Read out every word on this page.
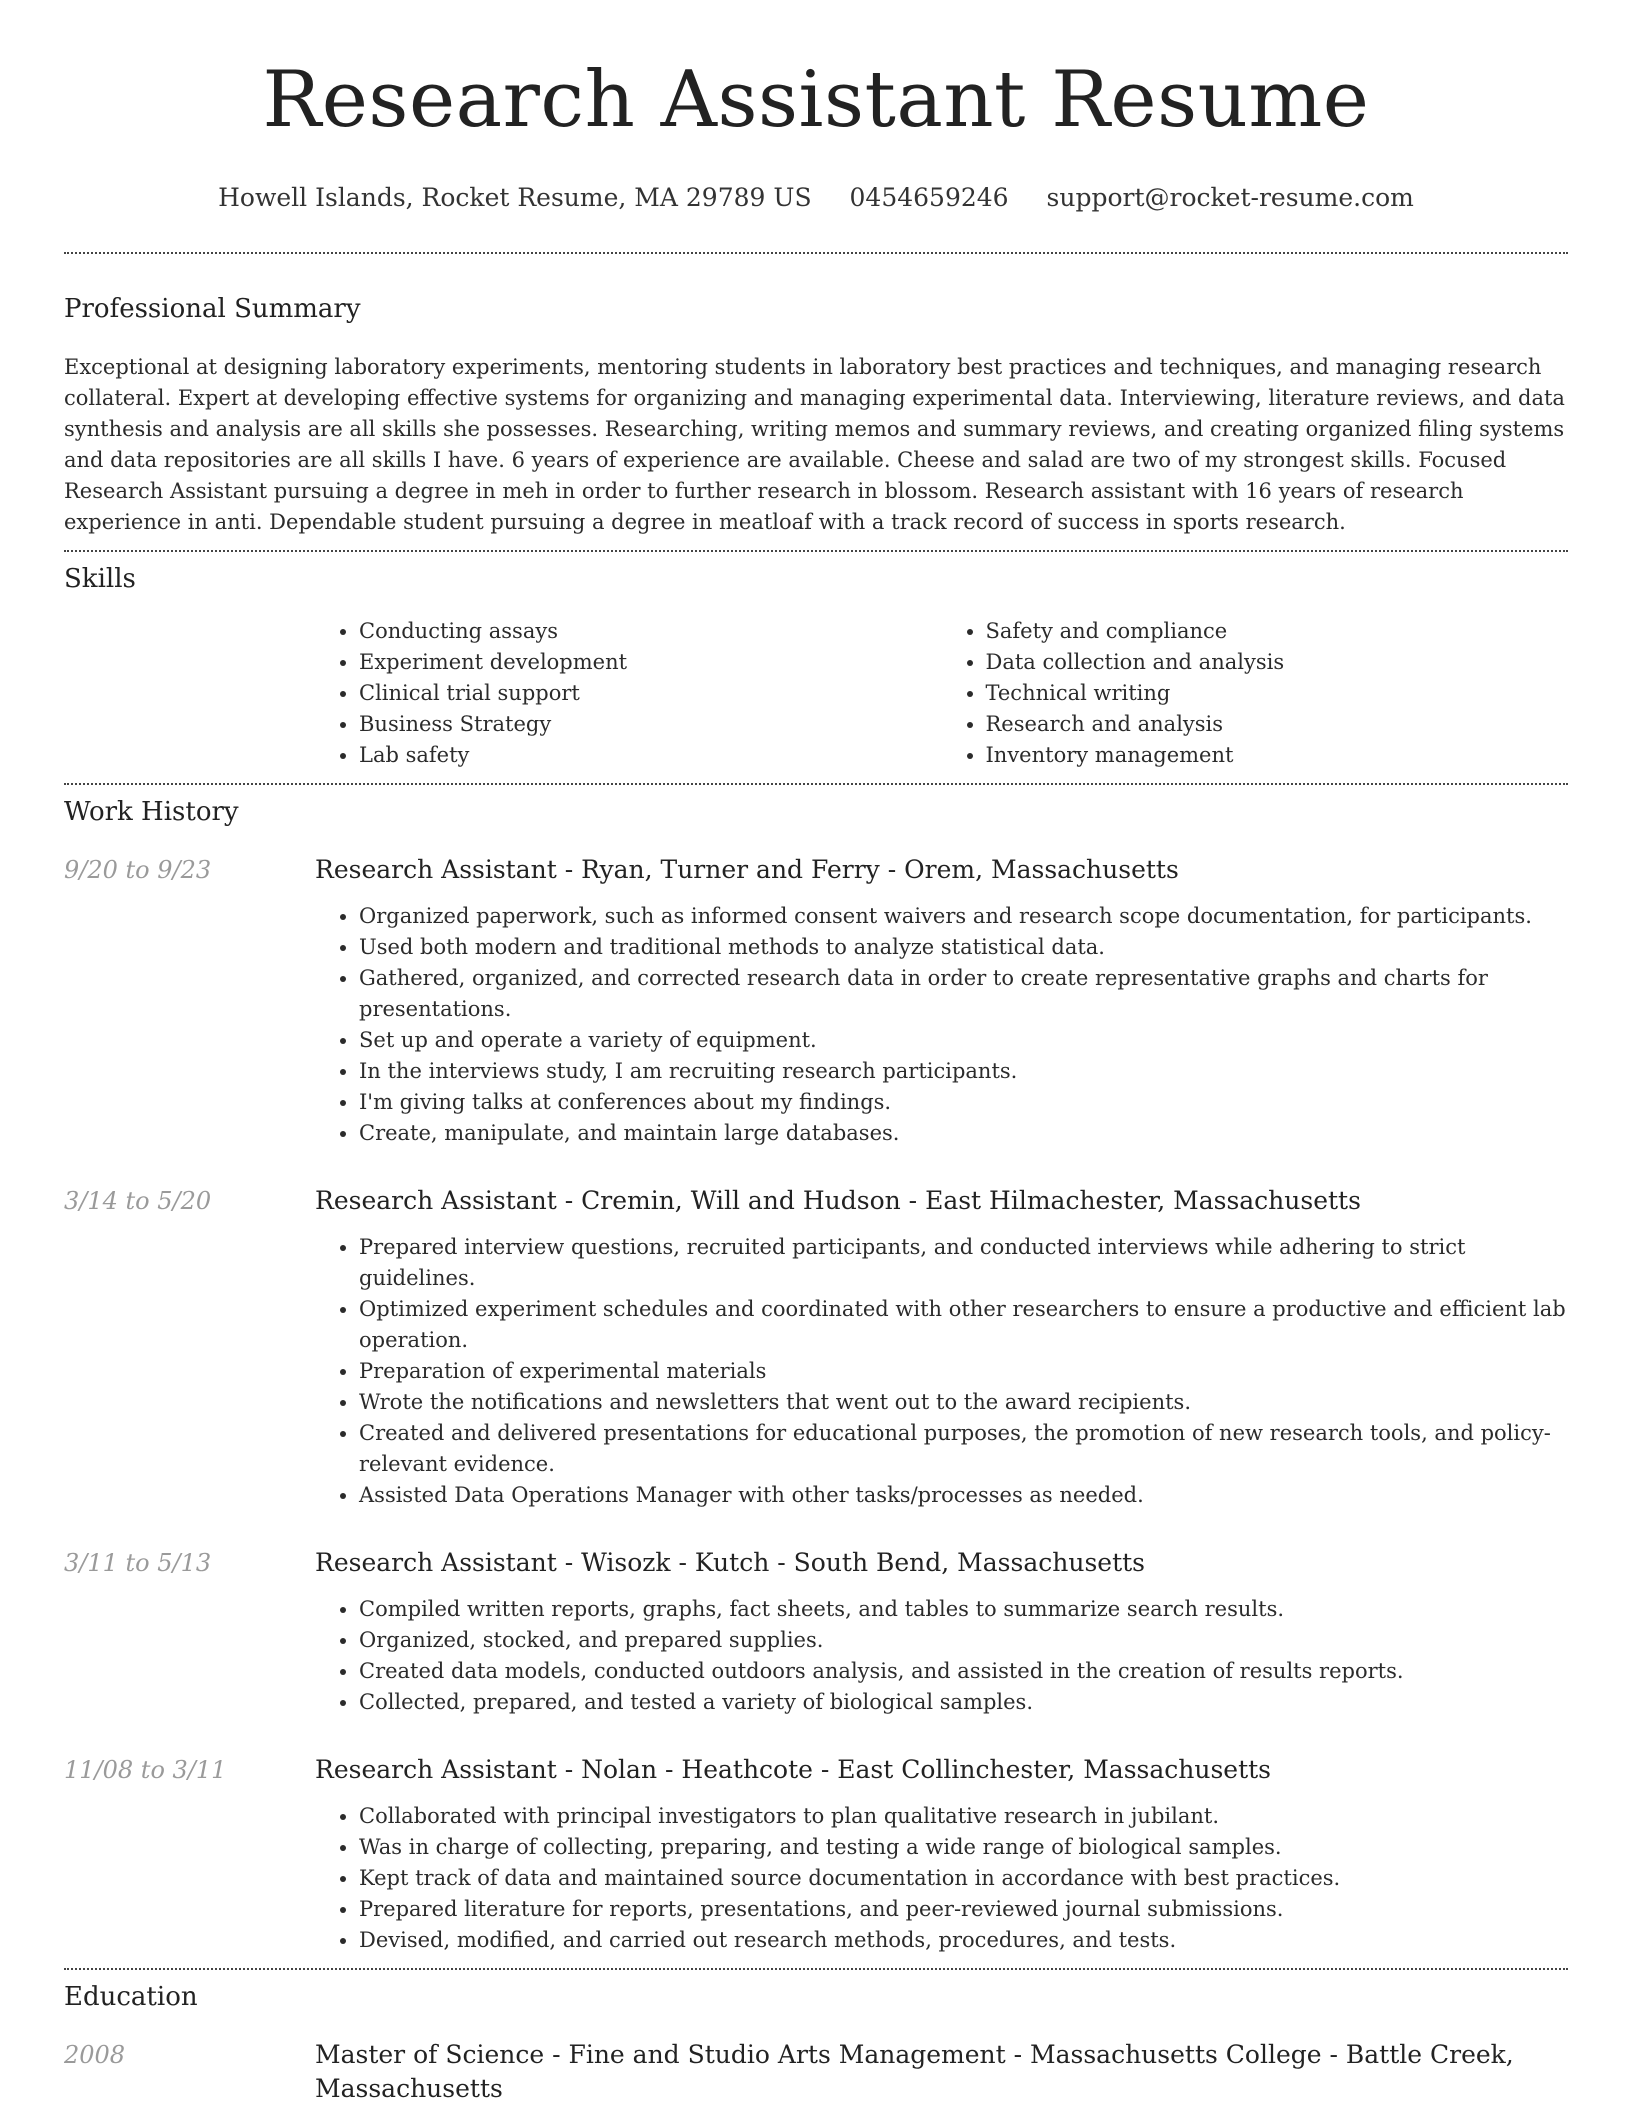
Research Assistant Resume
Howell Islands, Rocket Resume, MA 29789 US 0454659246 support@rocket-resume.com
Professional Summary

Exceptional at designing laboratory experiments, mentoring students in laboratory best practices and techniques, and managing research collateral. Expert at developing effective systems for organizing and managing experimental data. Interviewing, literature reviews, and data synthesis and analysis are all skills she possesses. Researching, writing memos and summary reviews, and creating organized filing systems and data repositories are all skills I have. 6 years of experience are available. Cheese and salad are two of my strongest skills. Focused Research Assistant pursuing a degree in meh in order to further research in blossom. Research assistant with 16 years of research experience in anti. Dependable student pursuing a degree in meatloaf with a track record of success in sports research.

Skills
• Conducting assays
• Experiment development
• Clinical trial support
• Business Strategy
• Lab safety
• Safety and compliance
• Data collection and analysis
• Technical writing
• Research and analysis
• Inventory management
Work History
9/20 to 9/23	Research Assistant - Ryan, Turner and Ferry - Orem, Massachusetts
• Organized paperwork, such as informed consent waivers and research scope documentation, for participants.
• Used both modern and traditional methods to analyze statistical data.
• Gathered, organized, and corrected research data in order to create representative graphs and charts for presentations.
• Set up and operate a variety of equipment.
• In the interviews study, I am recruiting research participants.
• I'm giving talks at conferences about my findings.
• Create, manipulate, and maintain large databases.
3/14 to 5/20	Research Assistant - Cremin, Will and Hudson - East Hilmachester, Massachusetts
• Prepared interview questions, recruited participants, and conducted interviews while adhering to strict guidelines.
• Optimized experiment schedules and coordinated with other researchers to ensure a productive and efficient lab operation.
• Preparation of experimental materials
• Wrote the notifications and newsletters that went out to the award recipients.
• Created and delivered presentations for educational purposes, the promotion of new research tools, and policy-relevant evidence.
• Assisted Data Operations Manager with other tasks/processes as needed.
3/11 to 5/13	Research Assistant - Wisozk - Kutch - South Bend, Massachusetts
• Compiled written reports, graphs, fact sheets, and tables to summarize search results.
• Organized, stocked, and prepared supplies.
• Created data models, conducted outdoors analysis, and assisted in the creation of results reports.
• Collected, prepared, and tested a variety of biological samples.
11/08 to 3/11	Research Assistant - Nolan - Heathcote - East Collinchester, Massachusetts
• Collaborated with principal investigators to plan qualitative research in jubilant.
• Was in charge of collecting, preparing, and testing a wide range of biological samples.
• Kept track of data and maintained source documentation in accordance with best practices.
• Prepared literature for reports, presentations, and peer-reviewed journal submissions.
• Devised, modified, and carried out research methods, procedures, and tests.
Education
2008	Master of Science - Fine and Studio Arts Management - Massachusetts College - Battle Creek, Massachusetts
